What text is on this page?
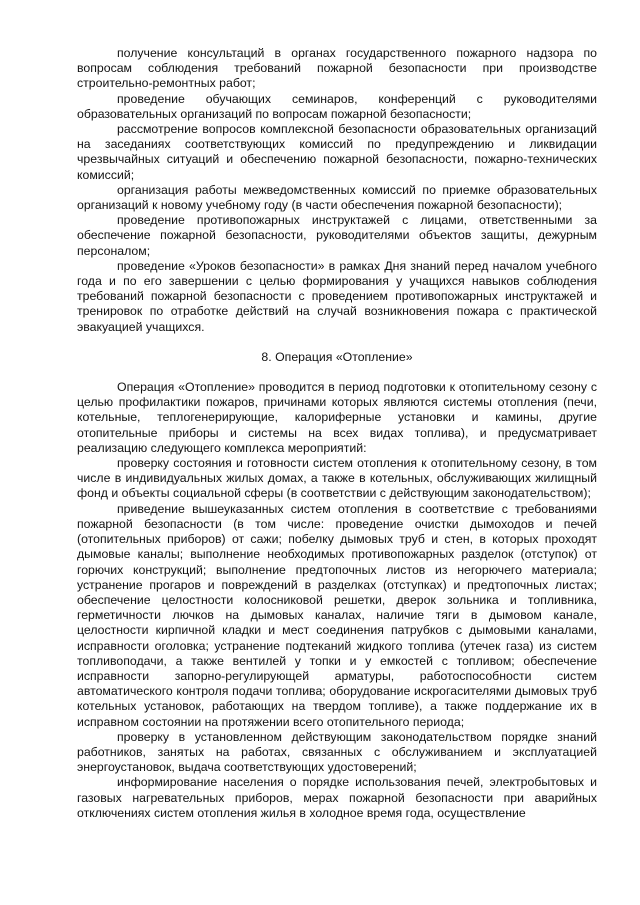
получение консультаций в органах государственного пожарного надзора по вопросам соблюдения требований пожарной безопасности при производстве строительно-ремонтных работ;

проведение обучающих семинаров, конференций с руководителями образовательных организаций по вопросам пожарной безопасности;

рассмотрение вопросов комплексной безопасности образовательных организаций на заседаниях соответствующих комиссий по предупреждению и ликвидации чрезвычайных ситуаций и обеспечению пожарной безопасности, пожарно-технических комиссий;

организация работы межведомственных комиссий по приемке образовательных организаций к новому учебному году (в части обеспечения пожарной безопасности);

проведение противопожарных инструктажей с лицами, ответственными за обеспечение пожарной безопасности, руководителями объектов защиты, дежурным персоналом;

проведение «Уроков безопасности» в рамках Дня знаний перед началом учебного года и по его завершении с целью формирования у учащихся навыков соблюдения требований пожарной безопасности с проведением противопожарных инструктажей и тренировок по отработке действий на случай возникновения пожара с практической эвакуацией учащихся.

8. Операция «Отопление»

Операция «Отопление» проводится в период подготовки к отопительному сезону с целью профилактики пожаров, причинами которых являются системы отопления (печи, котельные, теплогенерирующие, калориферные установки и камины, другие отопительные приборы и системы на всех видах топлива), и предусматривает реализацию следующего комплекса мероприятий:

проверку состояния и готовности систем отопления к отопительному сезону, в том числе в индивидуальных жилых домах, а также в котельных, обслуживающих жилищный фонд и объекты социальной сферы (в соответствии с действующим законодательством);

приведение вышеуказанных систем отопления в соответствие с требованиями пожарной безопасности (в том числе: проведение очистки дымоходов и печей (отопительных приборов) от сажи; побелку дымовых труб и стен, в которых проходят дымовые каналы; выполнение необходимых противопожарных разделок (отступок) от горючих конструкций; выполнение предтопочных листов из негорючего материала; устранение прогаров и повреждений в разделках (отступках) и предтопочных листах; обеспечение целостности колосниковой решетки, дверок зольника и топливника, герметичности лючков на дымовых каналах, наличие тяги в дымовом канале, целостности кирпичной кладки и мест соединения патрубков с дымовыми каналами, исправности оголовка; устранение подтеканий жидкого топлива (утечек газа) из систем топливоподачи, а также вентилей у топки и у емкостей с топливом; обеспечение исправности запорно-регулирующей арматуры, работоспособности систем автоматического контроля подачи топлива; оборудование искрогасителями дымовых труб котельных установок, работающих на твердом топливе), а также поддержание их в исправном состоянии на протяжении всего отопительного периода;

проверку в установленном действующим законодательством порядке знаний работников, занятых на работах, связанных с обслуживанием и эксплуатацией энергоустановок, выдача соответствующих удостоверений;

информирование населения о порядке использования печей, электробытовых и газовых нагревательных приборов, мерах пожарной безопасности при аварийных отключениях систем отопления жилья в холодное время года, осуществление
